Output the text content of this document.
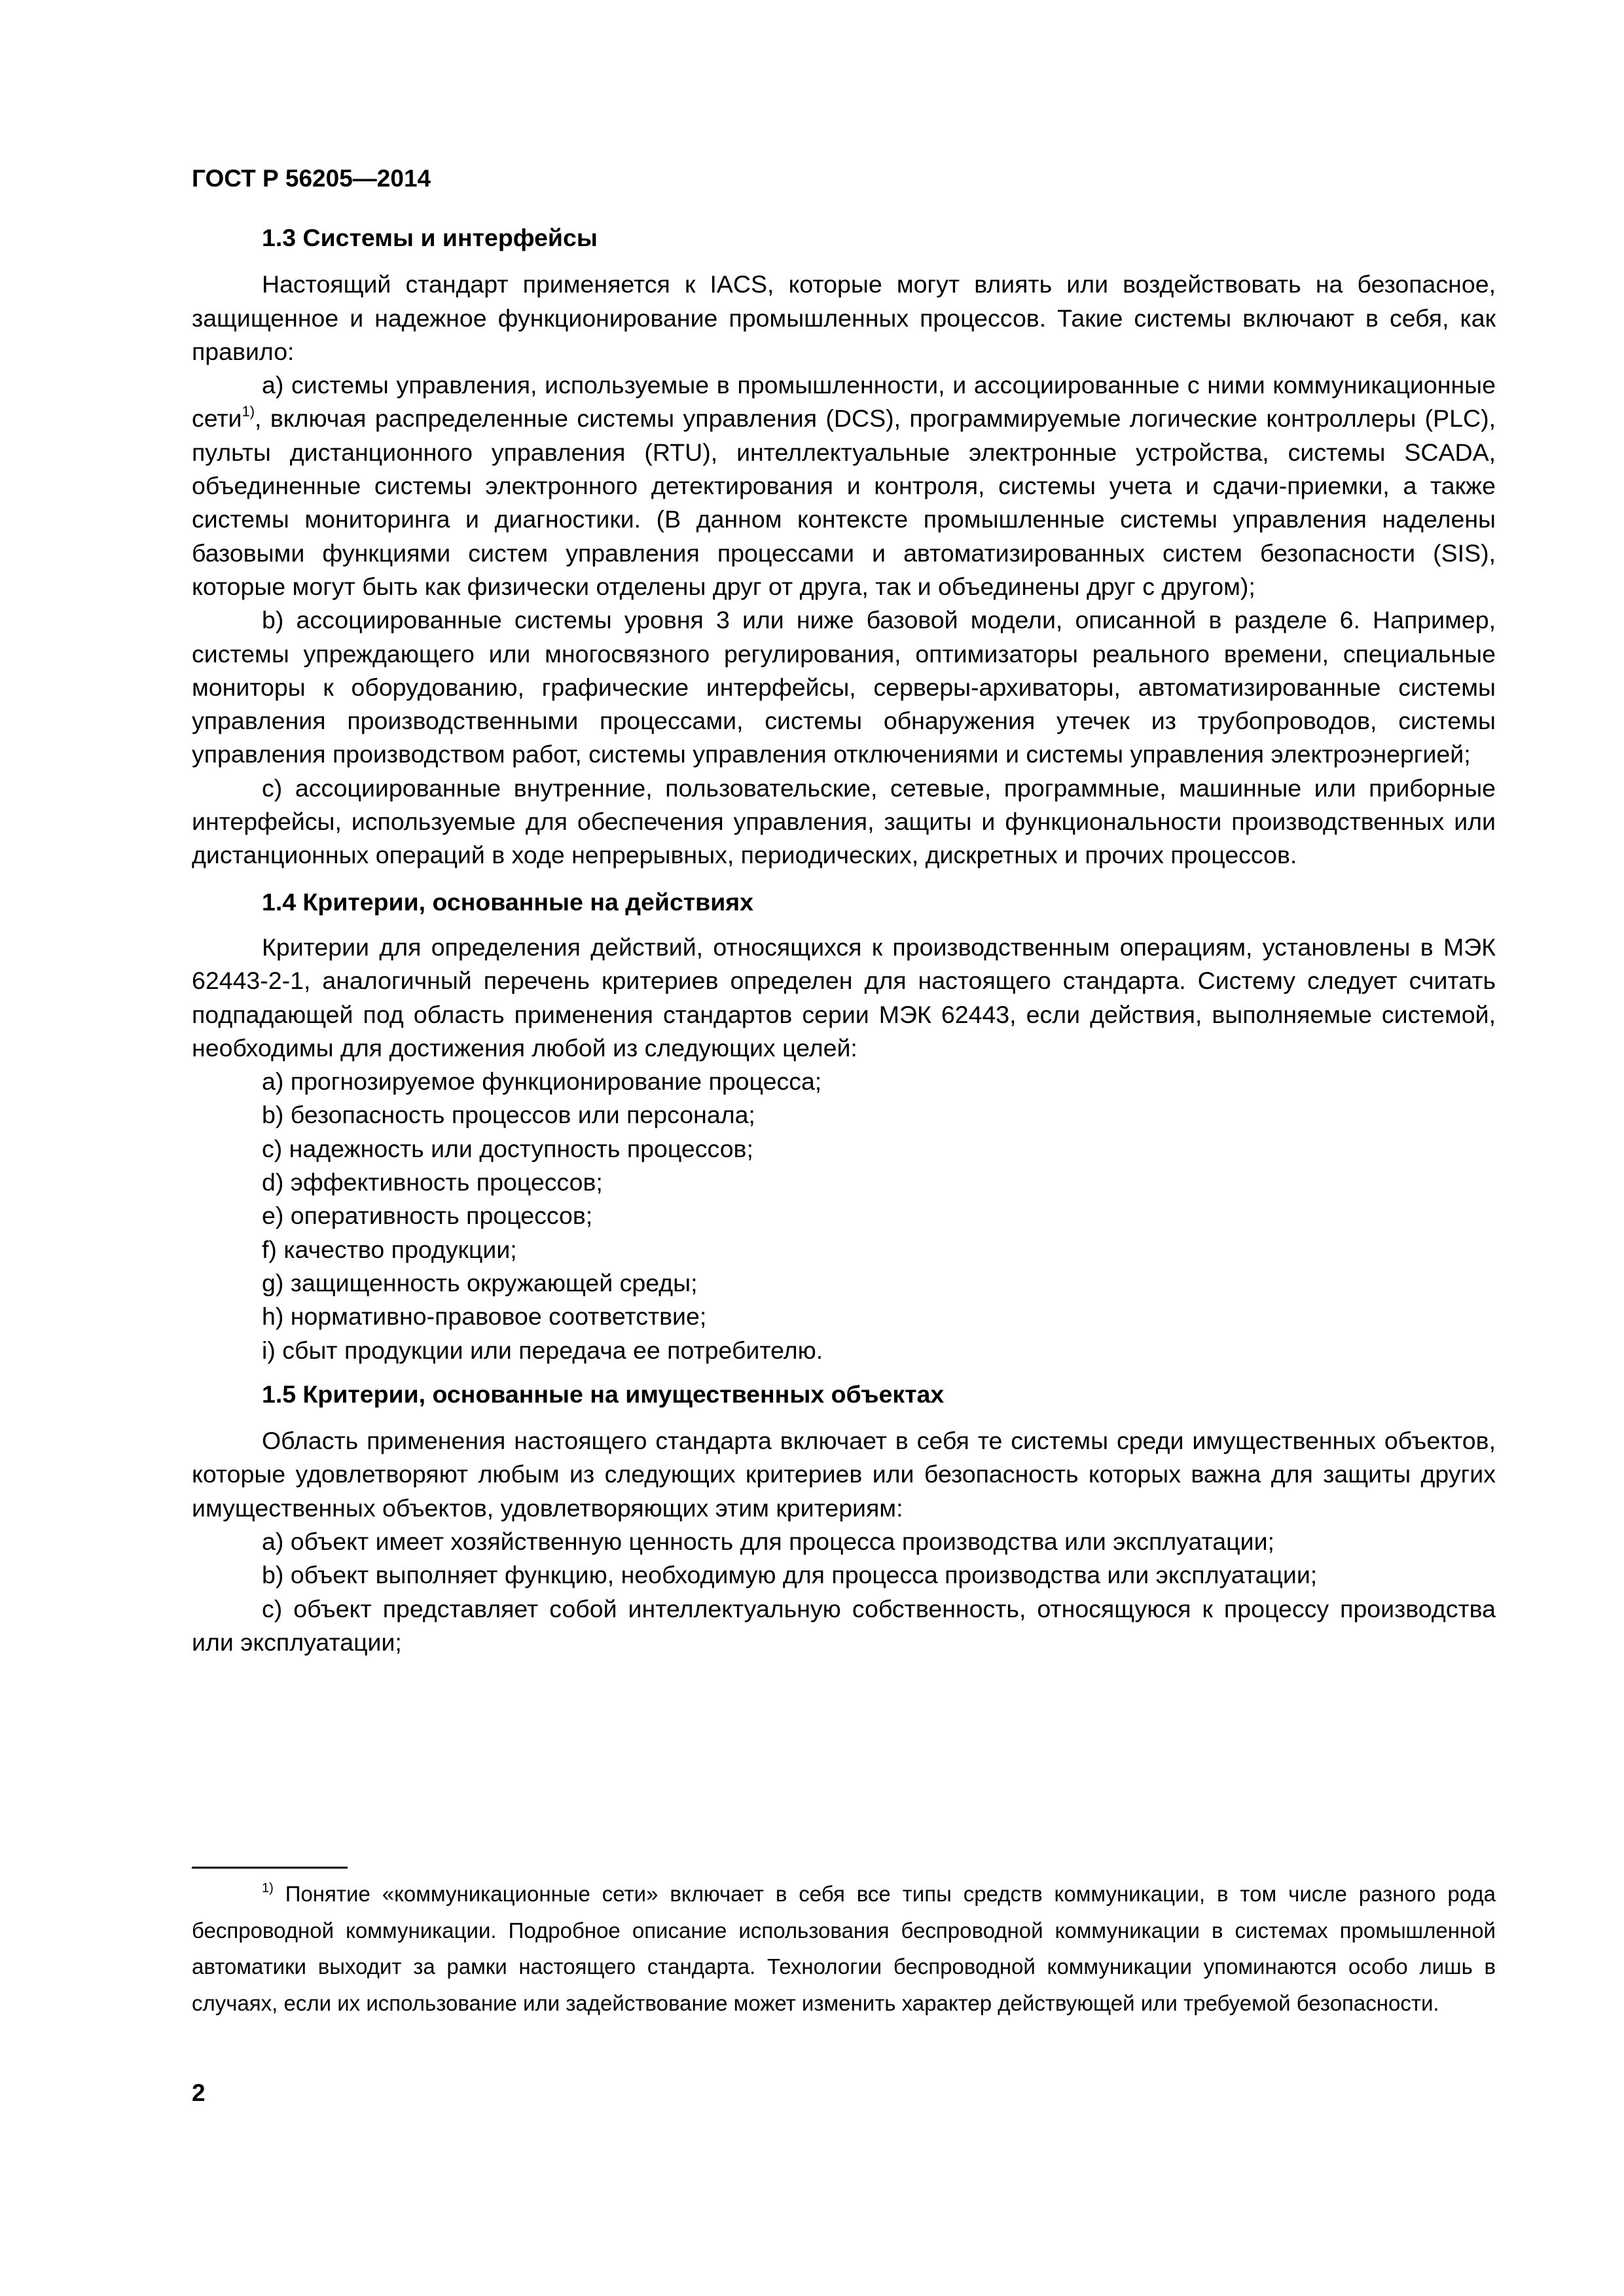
ГОСТ Р 56205—2014

1.3 Системы и интерфейсы

Настоящий стандарт применяется к IACS, которые могут влиять или воздействовать на безопасное, защищенное и надежное функционирование промышленных процессов. Такие системы включают в себя, как правило:

a) системы управления, используемые в промышленности, и ассоциированные с ними коммуникационные сети$^{1)}$, включая распределенные системы управления (DCS), программируемые логические контроллеры (PLC), пульты дистанционного управления (RTU), интеллектуальные электронные устройства, системы SCADA, объединенные системы электронного детектирования и контроля, системы учета и сдачи-приемки, а также системы мониторинга и диагностики. (В данном контексте промышленные системы управления наделены базовыми функциями систем управления процессами и автоматизированных систем безопасности (SIS), которые могут быть как физически отделены друг от друга, так и объединены друг с другом);

b) ассоциированные системы уровня 3 или ниже базовой модели, описанной в разделе 6. Например, системы упреждающего или многосвязного регулирования, оптимизаторы реального времени, специальные мониторы к оборудованию, графические интерфейсы, серверы-архиваторы, автоматизированные системы управления производственными процессами, системы обнаружения утечек из трубопроводов, системы управления производством работ, системы управления отключениями и системы управления электроэнергией;

c) ассоциированные внутренние, пользовательские, сетевые, программные, машинные или приборные интерфейсы, используемые для обеспечения управления, защиты и функциональности производственных или дистанционных операций в ходе непрерывных, периодических, дискретных и прочих процессов.

1.4 Критерии, основанные на действиях

Критерии для определения действий, относящихся к производственным операциям, установлены в МЭК 62443-2-1, аналогичный перечень критериев определен для настоящего стандарта. Систему следует считать подпадающей под область применения стандартов серии МЭК 62443, если действия, выполняемые системой, необходимы для достижения любой из следующих целей:

a) прогнозируемое функционирование процесса;

b) безопасность процессов или персонала;

c) надежность или доступность процессов;

d) эффективность процессов;

e) оперативность процессов;

f) качество продукции;

g) защищенность окружающей среды;

h) нормативно-правовое соответствие;

i) сбыт продукции или передача ее потребителю.

1.5 Критерии, основанные на имущественных объектах

Область применения настоящего стандарта включает в себя те системы среди имущественных объектов, которые удовлетворяют любым из следующих критериев или безопасность которых важна для защиты других имущественных объектов, удовлетворяющих этим критериям:

a) объект имеет хозяйственную ценность для процесса производства или эксплуатации;

b) объект выполняет функцию, необходимую для процесса производства или эксплуатации;

c) объект представляет собой интеллектуальную собственность, относящуюся к процессу производства или эксплуатации;

$^{1)}$ Понятие «коммуникационные сети» включает в себя все типы средств коммуникации, в том числе разного рода беспроводной коммуникации. Подробное описание использования беспроводной коммуникации в системах промышленной автоматики выходит за рамки настоящего стандарта. Технологии беспроводной коммуникации упоминаются особо лишь в случаях, если их использование или задействование может изменить характер действующей или требуемой безопасности.

2
